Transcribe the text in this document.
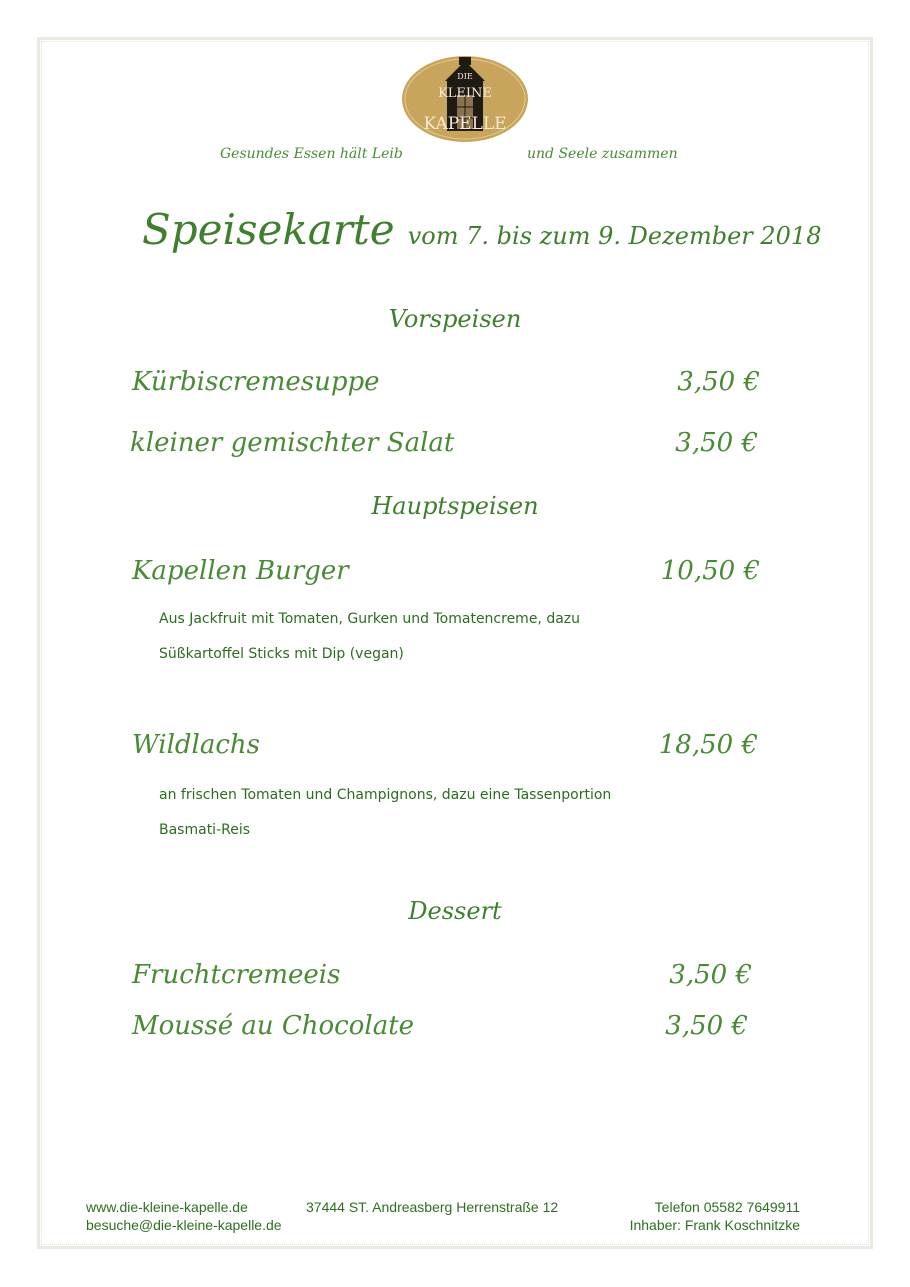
DIE
KLEINE
KAPELLE
Gesundes Essen hält Leib	und Seele zusammen
Speisekarte vom 7. bis zum 9. Dezember 2018
Vorspeisen
Kürbiscremesuppe	3,50 €
kleiner gemischter Salat	3,50 €
Hauptspeisen
Kapellen Burger	10,50 €
Aus Jackfruit mit Tomaten, Gurken und Tomatencreme, dazu
Süßkartoffel Sticks mit Dip (vegan)
Wildlachs	18,50 €
an frischen Tomaten und Champignons, dazu eine Tassenportion
Basmati-Reis
Dessert
Fruchtcremeeis	3,50 €
Moussé au Chocolate	3,50 €
www.die-kleine-kapelle.de
besuche@die-kleine-kapelle.de
37444 ST. Andreasberg Herrenstraße 12	Telefon 05582 7649911
Inhaber: Frank Koschnitzke
